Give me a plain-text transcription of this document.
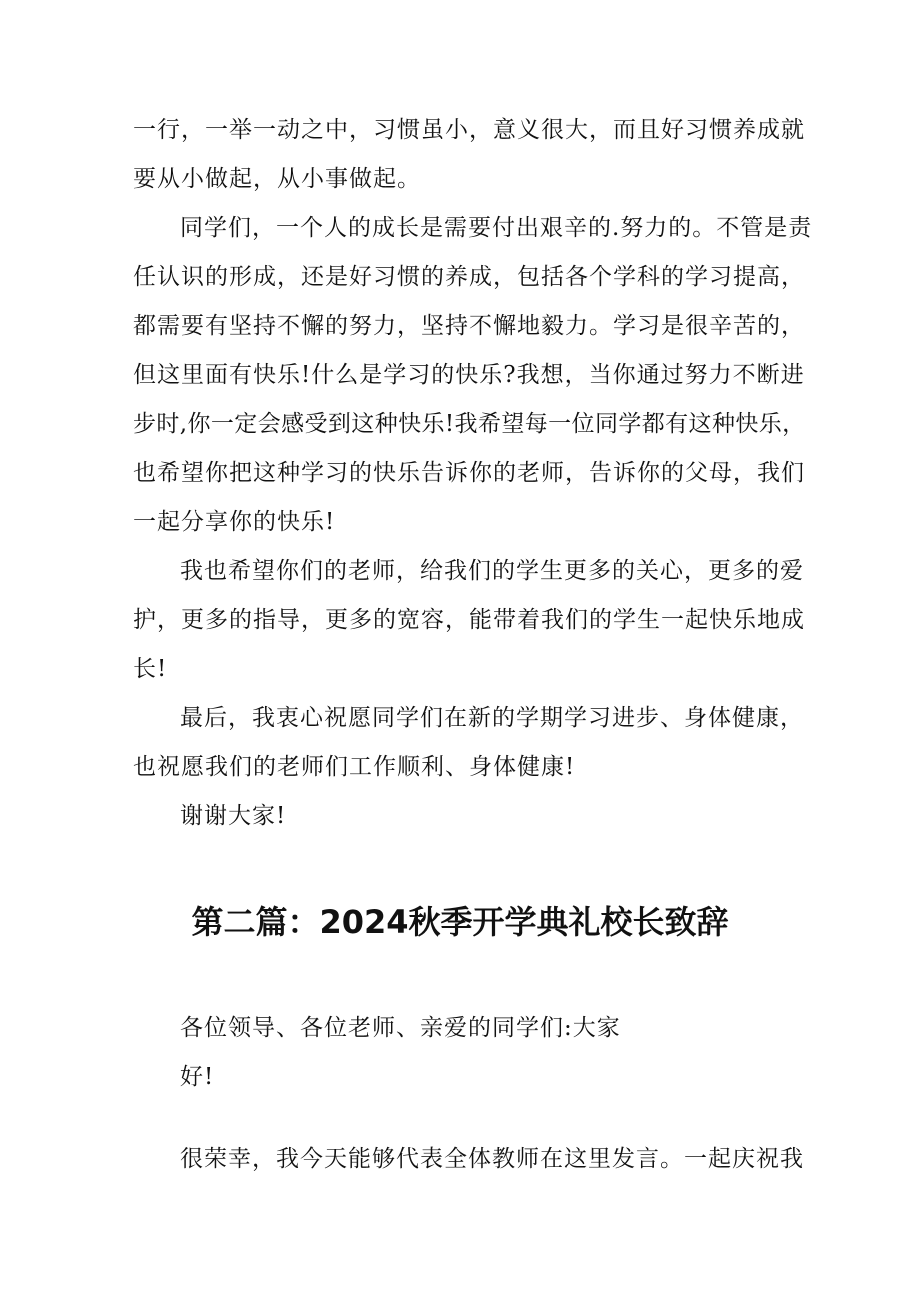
一行，一举一动之中，习惯虽小，意义很大，而且好习惯养成就
要从小做起，从小事做起。
同学们，一个人的成长是需要付出艰辛的.努力的。不管是责
任认识的形成，还是好习惯的养成，包括各个学科的学习提高，
都需要有坚持不懈的努力，坚持不懈地毅力。学习是很辛苦的，
但这里面有快乐!什么是学习的快乐?我想，当你通过努力不断进
步时,你一定会感受到这种快乐!我希望每一位同学都有这种快乐，
也希望你把这种学习的快乐告诉你的老师，告诉你的父母，我们
一起分享你的快乐!
我也希望你们的老师，给我们的学生更多的关心，更多的爱
护，更多的指导，更多的宽容，能带着我们的学生一起快乐地成
长!
最后，我衷心祝愿同学们在新的学期学习进步、身体健康，
也祝愿我们的老师们工作顺利、身体健康!
谢谢大家!
第二篇：2024秋季开学典礼校长致辞
各位领导、各位老师、亲爱的同学们:大家
好!
很荣幸，我今天能够代表全体教师在这里发言。一起庆祝我
